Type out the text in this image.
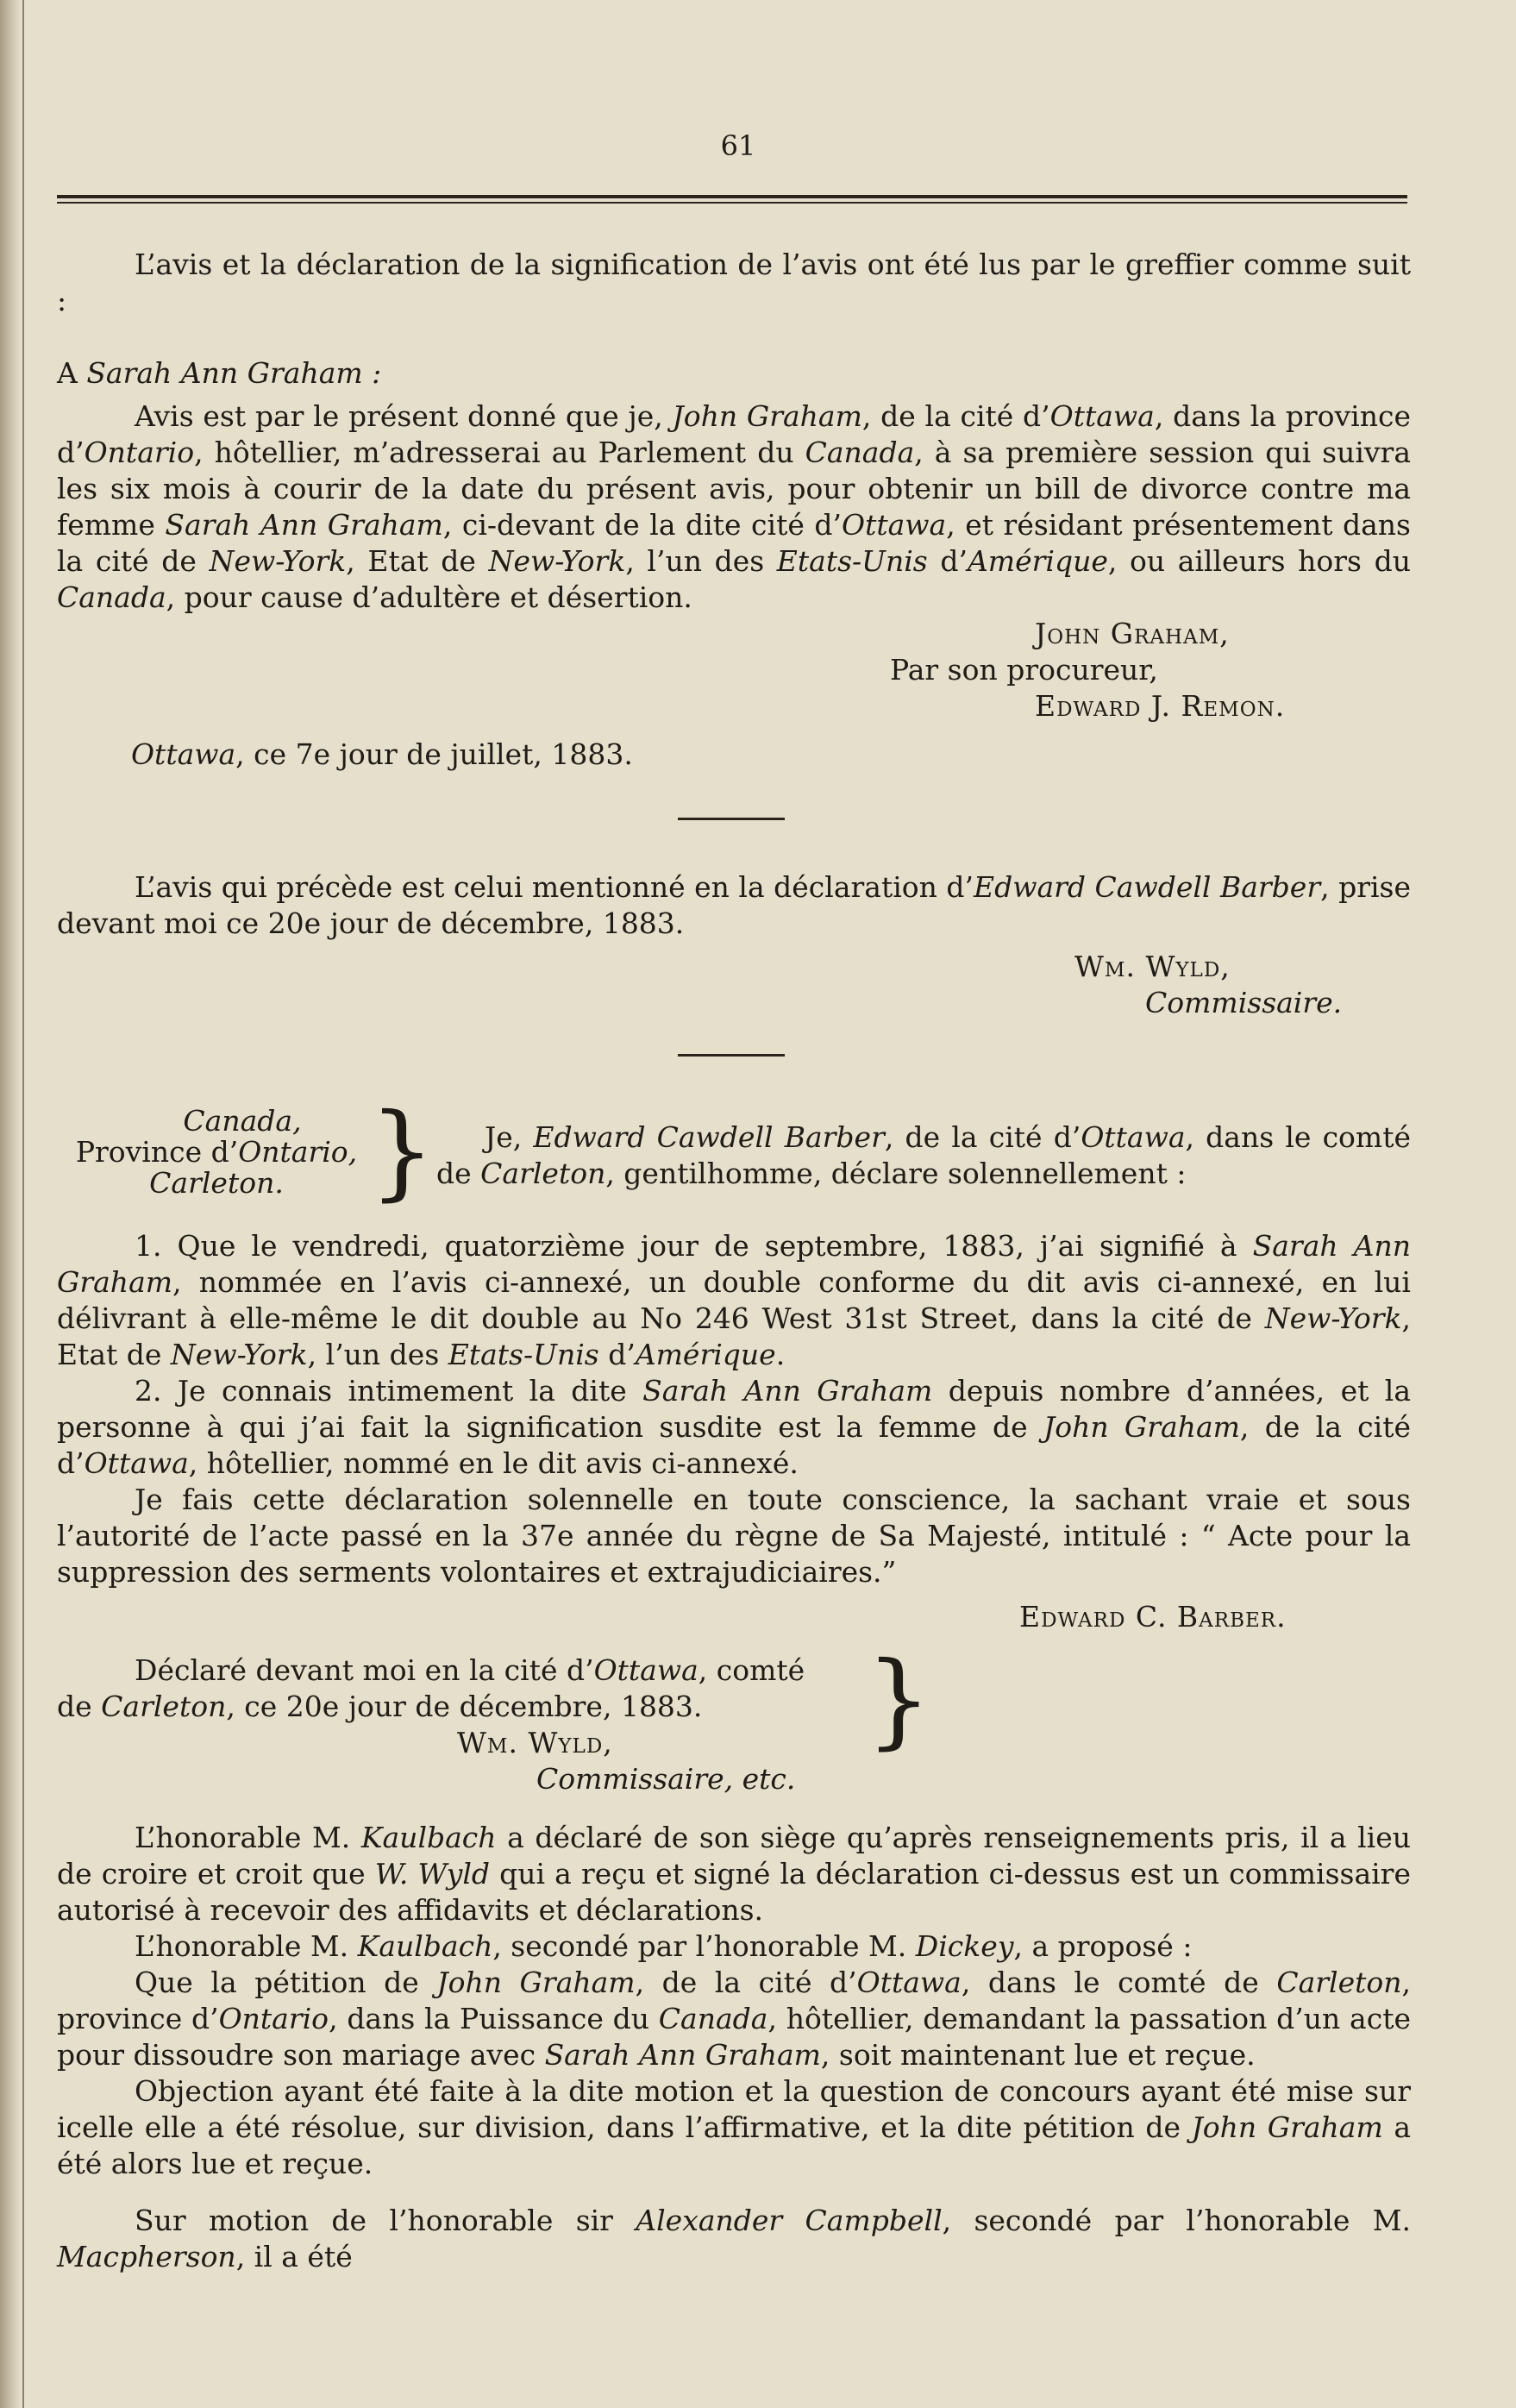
61

L’avis et la déclaration de la signification de l’avis ont été lus par le greffier comme suit :

A Sarah Ann Graham :

Avis est par le présent donné que je, John Graham, de la cité d’Ottawa, dans la province d’Ontario, hôtellier, m’adresserai au Parlement du Canada, à sa première session qui suivra les six mois à courir de la date du présent avis, pour obtenir un bill de divorce contre ma femme Sarah Ann Graham, ci-devant de la dite cité d’Ottawa, et résidant présentement dans la cité de New-York, Etat de New-York, l’un des Etats-Unis d’Amérique, ou ailleurs hors du Canada, pour cause d’adultère et désertion.

John Graham,

Par son procureur,

Edward J. Remon.

Ottawa, ce 7e jour de juillet, 1883.

L’avis qui précède est celui mentionné en la déclaration d’Edward Cawdell Barber, prise devant moi ce 20e jour de décembre, 1883.

Wm. Wyld,

Commissaire.

Canada,
Province d’Ontario,
Carleton. }	Je, Edward Cawdell Barber, de la cité d’Ottawa, dans le comté de Carleton, gentilhomme, déclare solennellement :

1. Que le vendredi, quatorzième jour de septembre, 1883, j’ai signifié à Sarah Ann Graham, nommée en l’avis ci-annexé, un double conforme du dit avis ci-annexé, en lui délivrant à elle-même le dit double au No 246 West 31st Street, dans la cité de New-York, Etat de New-York, l’un des Etats-Unis d’Amérique.

2. Je connais intimement la dite Sarah Ann Graham depuis nombre d’années, et la personne à qui j’ai fait la signification susdite est la femme de John Graham, de la cité d’Ottawa, hôtellier, nommé en le dit avis ci-annexé.

Je fais cette déclaration solennelle en toute conscience, la sachant vraie et sous l’autorité de l’acte passé en la 37e année du règne de Sa Majesté, intitulé : “ Acte pour la suppression des serments volontaires et extrajudiciaires.”

Edward C. Barber.

Déclaré devant moi en la cité d’Ottawa, comté

de Carleton, ce 20e jour de décembre, 1883.

Wm. Wyld,

Commissaire, etc.

}

L’honorable M. Kaulbach a déclaré de son siège qu’après renseignements pris, il a lieu de croire et croit que W. Wyld qui a reçu et signé la déclaration ci-dessus est un commissaire autorisé à recevoir des affidavits et déclarations.

L’honorable M. Kaulbach, secondé par l’honorable M. Dickey, a proposé :

Que la pétition de John Graham, de la cité d’Ottawa, dans le comté de Carleton, province d’Ontario, dans la Puissance du Canada, hôtellier, demandant la passation d’un acte pour dissoudre son mariage avec Sarah Ann Graham, soit maintenant lue et reçue.

Objection ayant été faite à la dite motion et la question de concours ayant été mise sur icelle elle a été résolue, sur division, dans l’affirmative, et la dite pétition de John Graham a été alors lue et reçue.

Sur motion de l’honorable sir Alexander Campbell, secondé par l’honorable M. Macpherson, il a été
